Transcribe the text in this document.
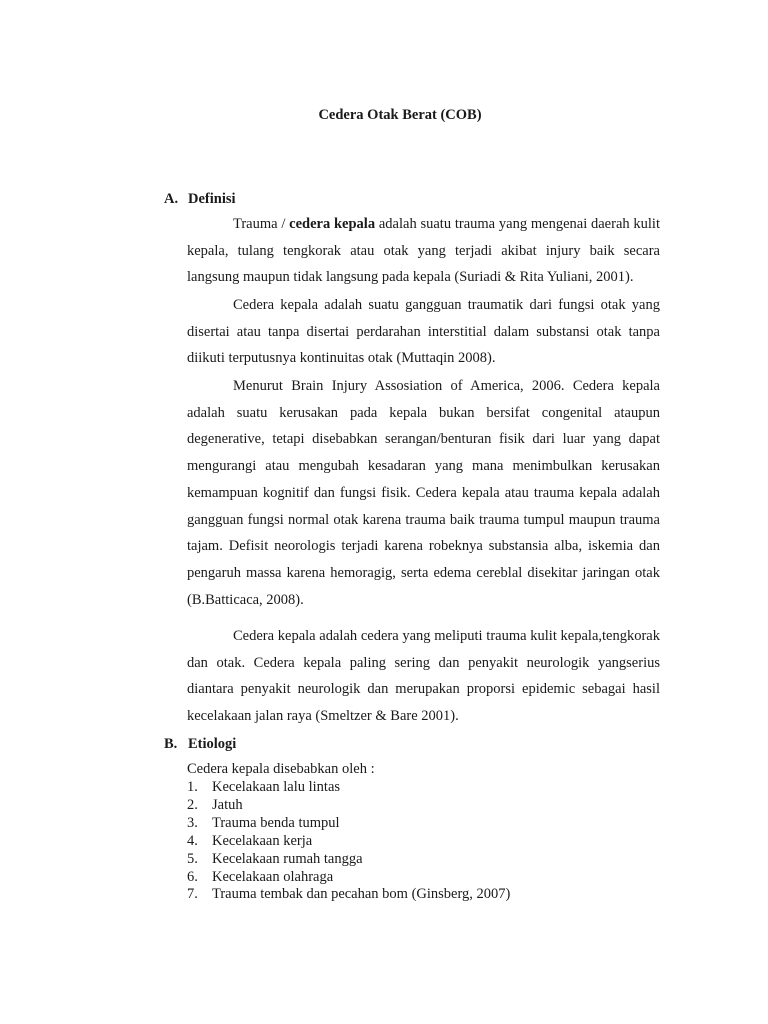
Cedera Otak Berat (COB)
A. Definisi

Trauma / cedera kepala adalah suatu trauma yang mengenai daerah kulit kepala, tulang tengkorak atau otak yang terjadi akibat injury baik secara langsung maupun tidak langsung pada kepala (Suriadi & Rita Yuliani, 2001).

Cedera kepala adalah suatu gangguan traumatik dari fungsi otak yang disertai atau tanpa disertai perdarahan interstitial dalam substansi otak tanpa diikuti terputusnya kontinuitas otak (Muttaqin 2008).

Menurut Brain Injury Assosiation of America, 2006. Cedera kepala adalah suatu kerusakan pada kepala bukan bersifat congenital ataupun degenerative, tetapi disebabkan serangan/benturan fisik dari luar yang dapat mengurangi atau mengubah kesadaran yang mana menimbulkan kerusakan kemampuan kognitif dan fungsi fisik. Cedera kepala atau trauma kepala adalah gangguan fungsi normal otak karena trauma baik trauma tumpul maupun trauma tajam. Defisit neorologis terjadi karena robeknya substansia alba, iskemia dan pengaruh massa karena hemoragig, serta edema cereblal disekitar jaringan otak (B.Batticaca, 2008).

Cedera kepala adalah cedera yang meliputi trauma kulit kepala,tengkorak dan otak. Cedera kepala paling sering dan penyakit neurologik yangserius diantara penyakit neurologik dan merupakan proporsi epidemic sebagai hasil kecelakaan jalan raya (Smeltzer & Bare 2001).

B. Etiologi
Cedera kepala disebabkan oleh :
1. Kecelakaan lalu lintas
2. Jatuh
3. Trauma benda tumpul
4. Kecelakaan kerja
5. Kecelakaan rumah tangga
6. Kecelakaan olahraga
7. Trauma tembak dan pecahan bom (Ginsberg, 2007)
